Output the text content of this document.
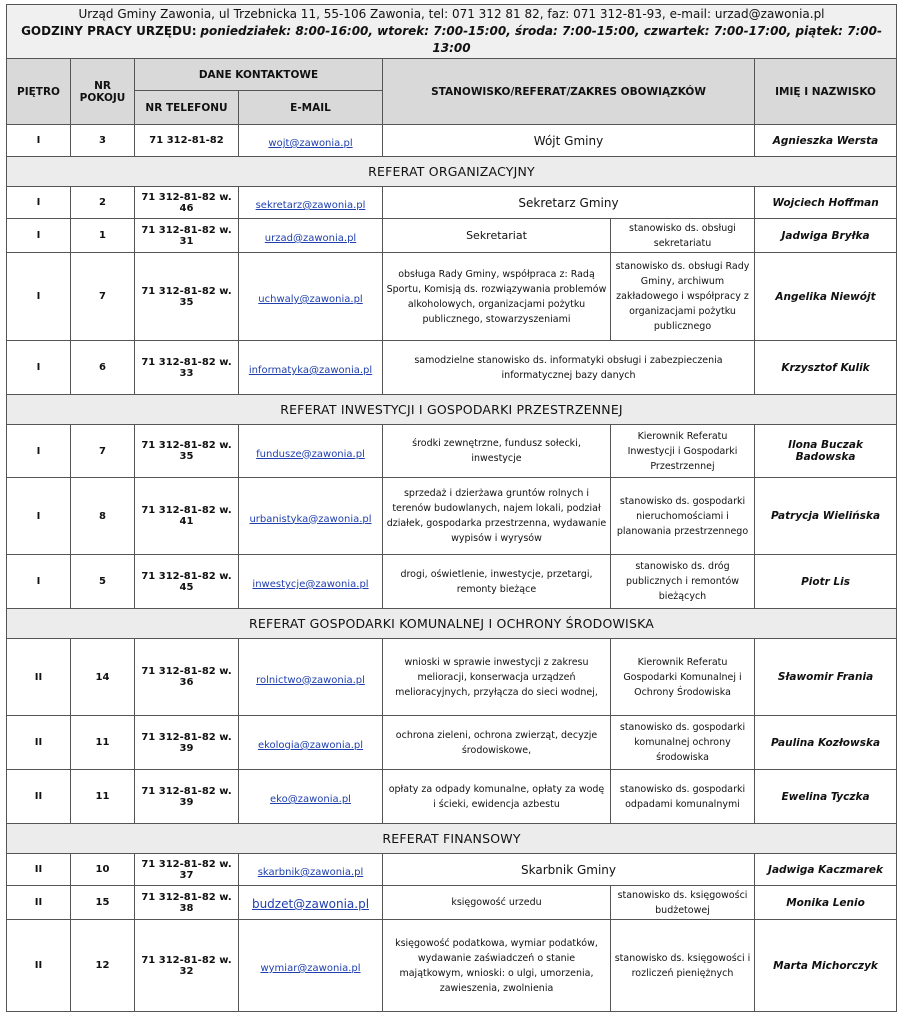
Urząd Gminy Zawonia, ul Trzebnicka 11, 55-106 Zawonia, tel: 071 312 81 82, faz: 071 312-81-93, e-mail: urzad@zawonia.pl
GODZINY PRACY URZĘDU: poniedziałek: 8:00-16:00, wtorek: 7:00-15:00, środa: 7:00-15:00, czwartek: 7:00-17:00, piątek: 7:00-13:00						

PIĘTRO	NR POKOJU	DANE KONTAKTOWE		STANOWISKO/REFERAT/ZAKRES OBOWIĄZKÓW		IMIĘ I NAZWISKO
		NR TELEFONU	E-MAIL			
I	3	71 312-81-82	wojt@zawonia.pl	Wójt Gminy		Agnieszka Wersta
REFERAT ORGANIZACYJNY						
I	2	71 312-81-82 w. 46	sekretarz@zawonia.pl	Sekretarz Gminy		Wojciech Hoffman
I	1	71 312-81-82 w. 31	urzad@zawonia.pl	Sekretariat	stanowisko ds. obsługi sekretariatu	Jadwiga Bryłka
I	7	71 312-81-82 w. 35	uchwaly@zawonia.pl	obsługa Rady Gminy, współpraca z: Radą Sportu, Komisją ds. rozwiązywania problemów alkoholowych, organizacjami pożytku publicznego, stowarzyszeniami	stanowisko ds. obsługi Rady Gminy, archiwum zakładowego i współpracy z organizacjami pożytku publicznego	Angelika Niewójt
I	6	71 312-81-82 w. 33	informatyka@zawonia.pl	samodzielne stanowisko ds. informatyki obsługi i zabezpieczenia informatycznej bazy danych		Krzysztof Kulik
REFERAT INWESTYCJI I GOSPODARKI PRZESTRZENNEJ						
I	7	71 312-81-82 w. 35	fundusze@zawonia.pl	środki zewnętrzne, fundusz sołecki, inwestycje	Kierownik Referatu Inwestycji i Gospodarki Przestrzennej	Ilona Buczak Badowska
I	8	71 312-81-82 w. 41	urbanistyka@zawonia.pl	sprzedaż i dzierżawa gruntów rolnych i terenów budowlanych, najem lokali, podział działek, gospodarka przestrzenna, wydawanie wypisów i wyrysów	stanowisko ds. gospodarki nieruchomościami i planowania przestrzennego	Patrycja Wielińska
I	5	71 312-81-82 w. 45	inwestycje@zawonia.pl	drogi, oświetlenie, inwestycje, przetargi, remonty bieżące	stanowisko ds. dróg publicznych i remontów bieżących	Piotr Lis
REFERAT GOSPODARKI KOMUNALNEJ I OCHRONY ŚRODOWISKA						
II	14	71 312-81-82 w. 36	rolnictwo@zawonia.pl	wnioski w sprawie inwestycji z zakresu melioracji, konserwacja urządzeń melioracyjnych, przyłącza do sieci wodnej,	Kierownik Referatu Gospodarki Komunalnej i Ochrony Środowiska	Sławomir Frania
II	11	71 312-81-82 w. 39	ekologia@zawonia.pl	ochrona zieleni, ochrona zwierząt, decyzje środowiskowe,	stanowisko ds. gospodarki komunalnej ochrony środowiska	Paulina Kozłowska
II	11	71 312-81-82 w. 39	eko@zawonia.pl	opłaty za odpady komunalne, opłaty za wodę i ścieki, ewidencja azbestu	stanowisko ds. gospodarki odpadami komunalnymi	Ewelina Tyczka
REFERAT FINANSOWY						
II	10	71 312-81-82 w. 37	skarbnik@zawonia.pl	Skarbnik Gminy		Jadwiga Kaczmarek
II	15	71 312-81-82 w. 38	budzet@zawonia.pl	księgowość urzedu	stanowisko ds. księgowości budżetowej	Monika Lenio
II	12	71 312-81-82 w. 32	wymiar@zawonia.pl	księgowość podatkowa, wymiar podatków, wydawanie zaświadczeń o stanie majątkowym, wnioski: o ulgi, umorzenia, zawieszenia, zwolnienia	stanowisko ds. księgowości i rozliczeń pieniężnych	Marta Michorczyk
